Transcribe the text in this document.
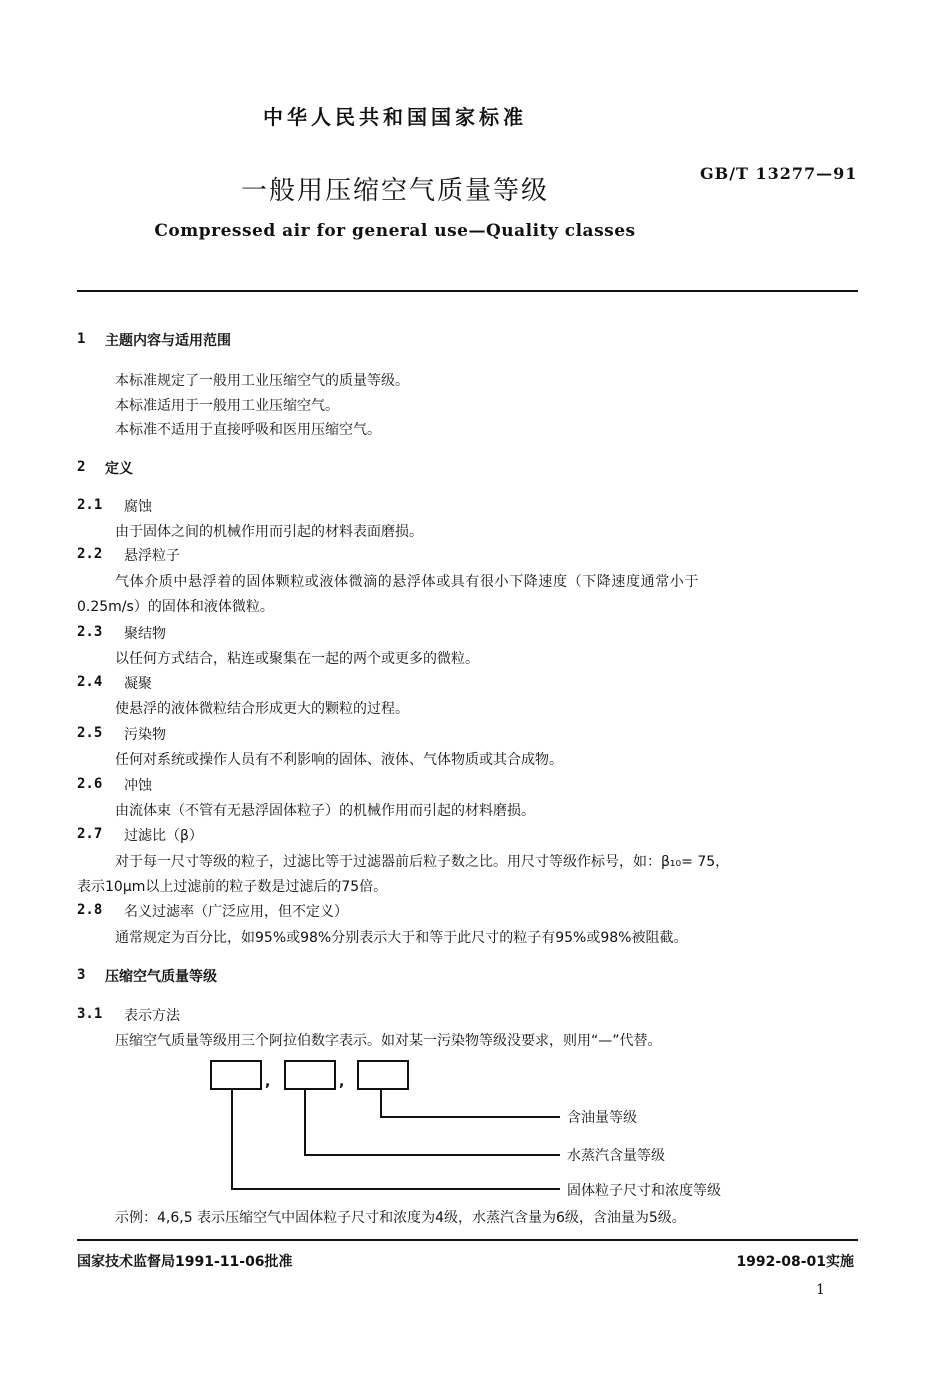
中华人民共和国国家标准
一般用压缩空气质量等级
GB/T 13277—91
Compressed air for general use—Quality classes
1 主题内容与适用范围
本标准规定了一般用工业压缩空气的质量等级。
本标准适用于一般用工业压缩空气。
本标准不适用于直接呼吸和医用压缩空气。
2 定义
2.1 腐蚀
由于固体之间的机械作用而引起的材料表面磨损。
2.2 悬浮粒子
气体介质中悬浮着的固体颗粒或液体微滴的悬浮体或具有很小下降速度（下降速度通常小于
0.25m/s）的固体和液体微粒。
2.3 聚结物
以任何方式结合，粘连或聚集在一起的两个或更多的微粒。
2.4 凝聚
使悬浮的液体微粒结合形成更大的颗粒的过程。
2.5 污染物
任何对系统或操作人员有不利影响的固体、液体、气体物质或其合成物。
2.6 冲蚀
由流体束（不管有无悬浮固体粒子）的机械作用而引起的材料磨损。
2.7 过滤比（β）
对于每一尺寸等级的粒子，过滤比等于过滤器前后粒子数之比。用尺寸等级作标号，如：β₁₀= 75，
表示10μm以上过滤前的粒子数是过滤后的75倍。
2.8 名义过滤率（广泛应用，但不定义）
通常规定为百分比，如95%或98%分别表示大于和等于此尺寸的粒子有95%或98%被阻截。
3 压缩空气质量等级
3.1 表示方法
压缩空气质量等级用三个阿拉伯数字表示。如对某一污染物等级没要求，则用“—”代替。
,	,
含油量等级
水蒸汽含量等级
固体粒子尺寸和浓度等级
示例：4,6,5 表示压缩空气中固体粒子尺寸和浓度为4级，水蒸汽含量为6级，含油量为5级。
国家技术监督局1991-11-06批准	1992-08-01实施
1
